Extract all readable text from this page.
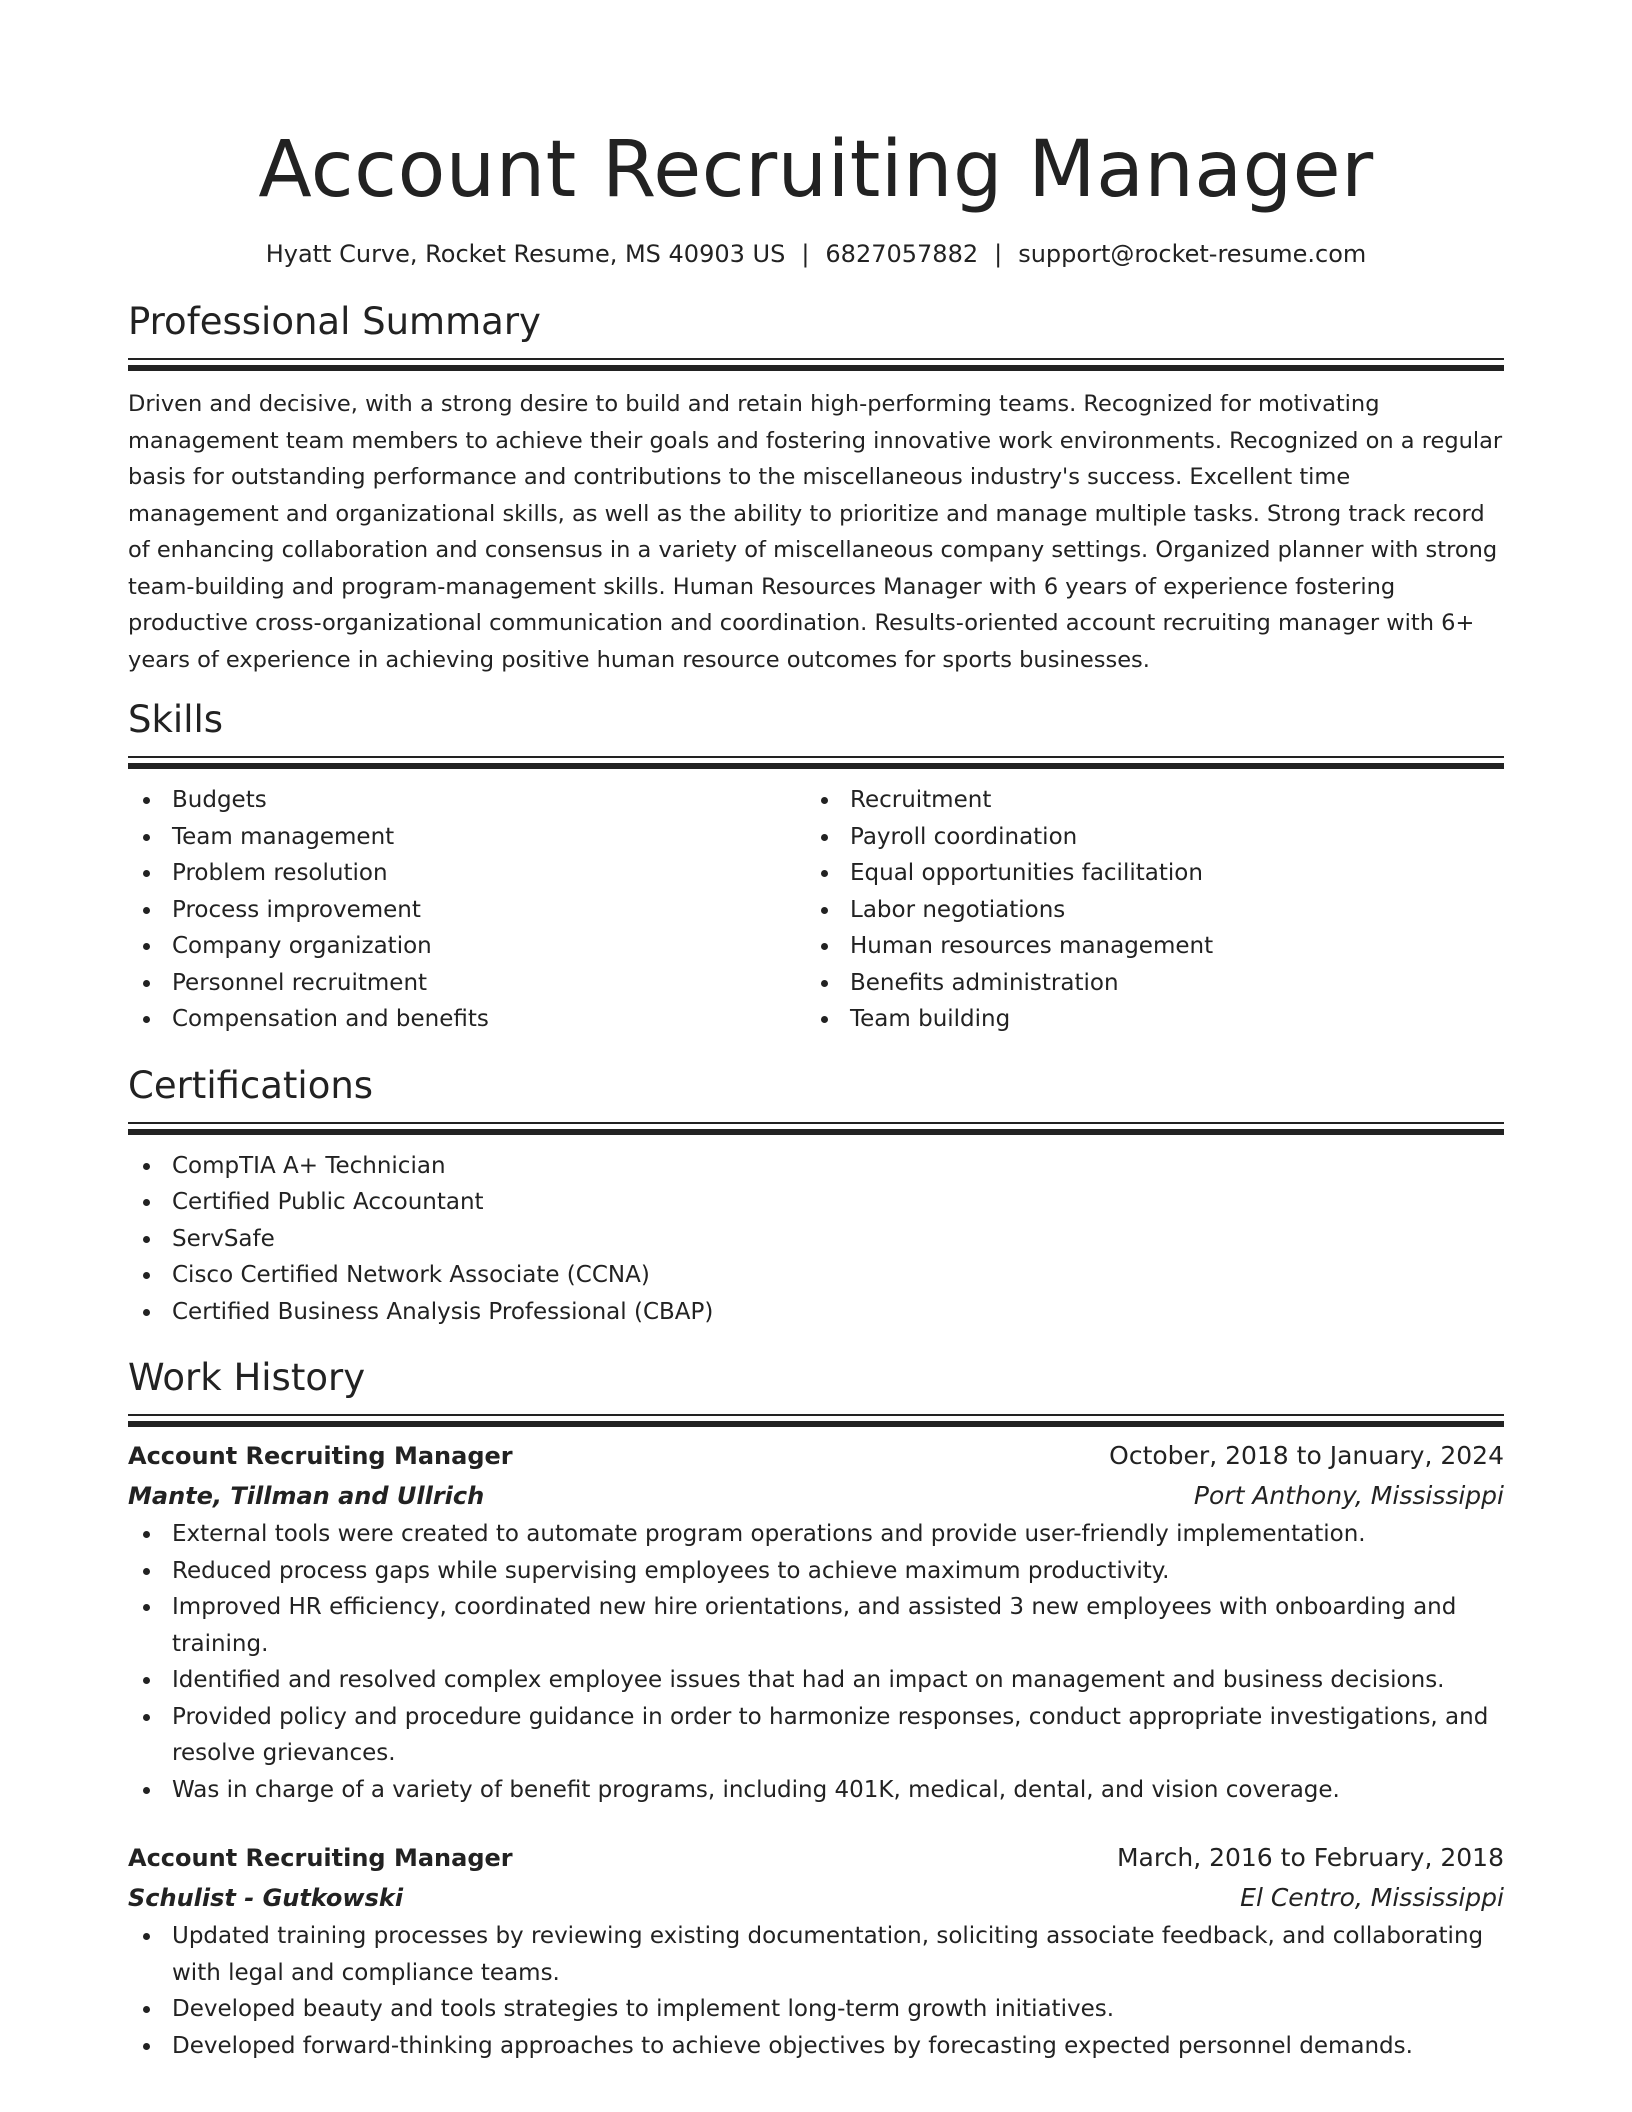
Account Recruiting Manager
Hyatt Curve, Rocket Resume, MS 40903 US | 6827057882 | support@rocket-resume.com
Professional Summary
Driven and decisive, with a strong desire to build and retain high-performing teams. Recognized for motivating management team members to achieve their goals and fostering innovative work environments. Recognized on a regular basis for outstanding performance and contributions to the miscellaneous industry's success. Excellent time management and organizational skills, as well as the ability to prioritize and manage multiple tasks. Strong track record of enhancing collaboration and consensus in a variety of miscellaneous company settings. Organized planner with strong team-building and program-management skills. Human Resources Manager with 6 years of experience fostering productive cross-organizational communication and coordination. Results-oriented account recruiting manager with 6+ years of experience in achieving positive human resource outcomes for sports businesses.
Skills
Budgets
Team management
Problem resolution
Process improvement
Company organization
Personnel recruitment
Compensation and benefits
Recruitment
Payroll coordination
Equal opportunities facilitation
Labor negotiations
Human resources management
Benefits administration
Team building
Certifications
CompTIA A+ Technician
Certified Public Accountant
ServSafe
Cisco Certified Network Associate (CCNA)
Certified Business Analysis Professional (CBAP)
Work History
Account Recruiting Manager	October, 2018 to January, 2024
Mante, Tillman and Ullrich	Port Anthony, Mississippi
External tools were created to automate program operations and provide user-friendly implementation.
Reduced process gaps while supervising employees to achieve maximum productivity.
Improved HR efficiency, coordinated new hire orientations, and assisted 3 new employees with onboarding and training.
Identified and resolved complex employee issues that had an impact on management and business decisions.
Provided policy and procedure guidance in order to harmonize responses, conduct appropriate investigations, and resolve grievances.
Was in charge of a variety of benefit programs, including 401K, medical, dental, and vision coverage.
Account Recruiting Manager	March, 2016 to February, 2018
Schulist - Gutkowski	El Centro, Mississippi
Updated training processes by reviewing existing documentation, soliciting associate feedback, and collaborating with legal and compliance teams.
Developed beauty and tools strategies to implement long-term growth initiatives.
Developed forward-thinking approaches to achieve objectives by forecasting expected personnel demands.
